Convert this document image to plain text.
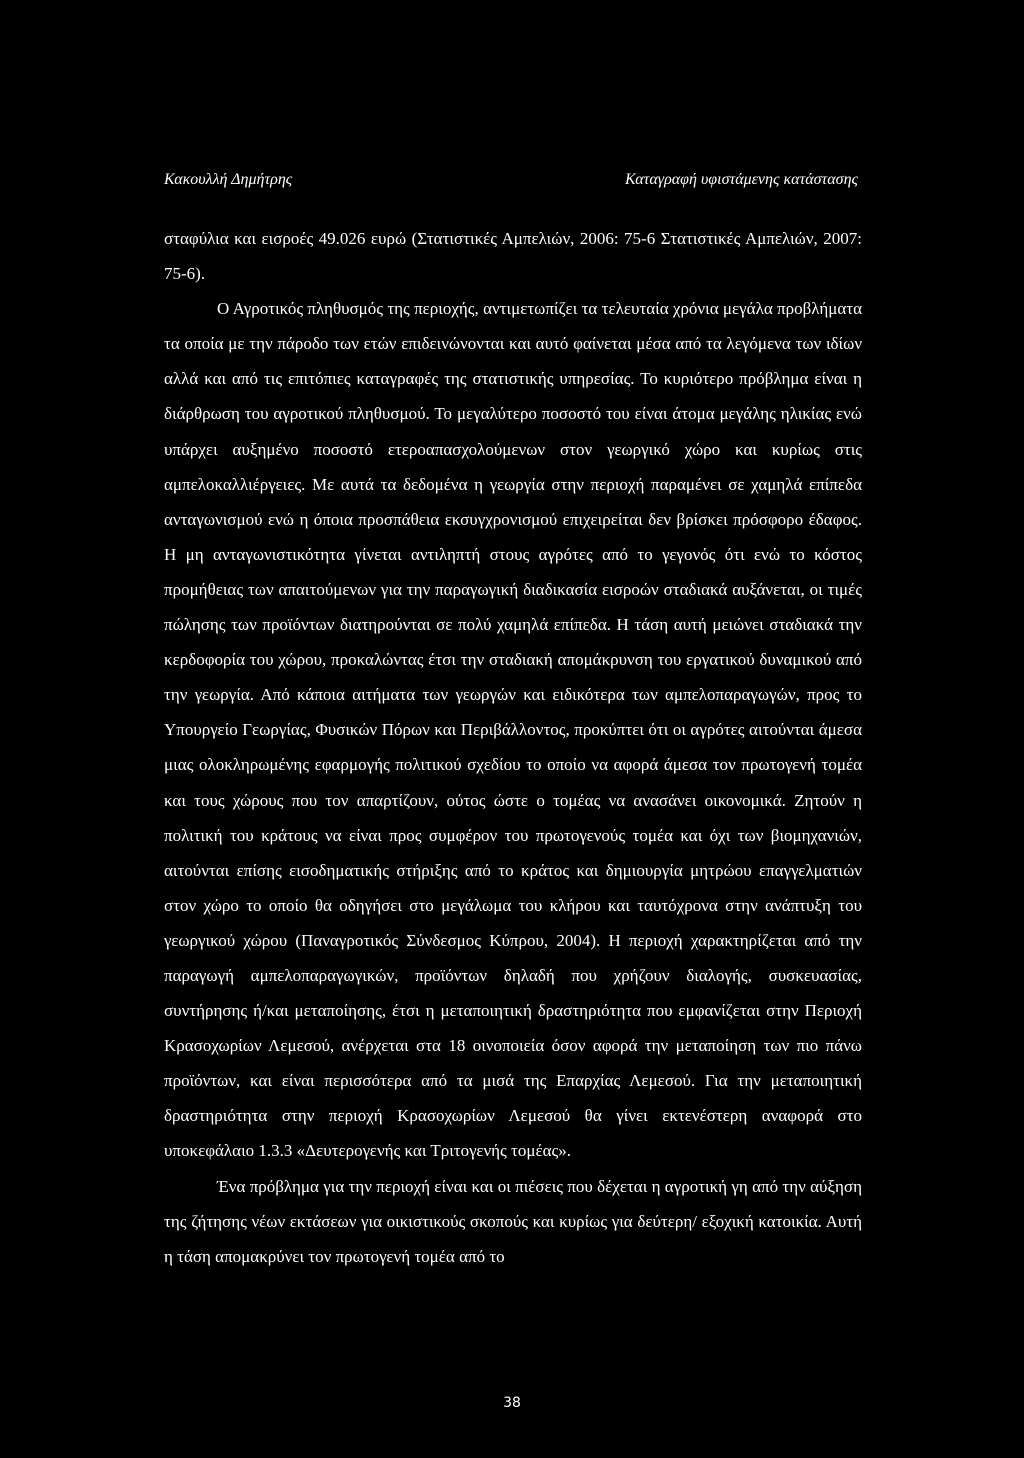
Κακουλλή Δημήτρης	Καταγραφή υφιστάμενης κατάστασης

σταφύλια και εισροές 49.026 ευρώ (Στατιστικές Αμπελιών, 2006: 75-6 Στατιστικές Αμπελιών, 2007: 75-6).

Ο Αγροτικός πληθυσμός της περιοχής, αντιμετωπίζει τα τελευταία χρόνια μεγάλα προβλήματα τα οποία με την πάροδο των ετών επιδεινώνονται και αυτό φαίνεται μέσα από τα λεγόμενα των ιδίων αλλά και από τις επιτόπιες καταγραφές της στατιστικής υπηρεσίας. Το κυριότερο πρόβλημα είναι η διάρθρωση του αγροτικού πληθυσμού. Το μεγαλύτερο ποσοστό του είναι άτομα μεγάλης ηλικίας ενώ υπάρχει αυξημένο ποσοστό ετεροαπασχολούμενων στον γεωργικό χώρο και κυρίως στις αμπελοκαλλιέργειες. Με αυτά τα δεδομένα η γεωργία στην περιοχή παραμένει σε χαμηλά επίπεδα ανταγωνισμού ενώ η όποια προσπάθεια εκσυγχρονισμού επιχειρείται δεν βρίσκει πρόσφορο έδαφος. Η μη ανταγωνιστικότητα γίνεται αντιληπτή στους αγρότες από το γεγονός ότι ενώ το κόστος προμήθειας των απαιτούμενων για την παραγωγική διαδικασία εισροών σταδιακά αυξάνεται, οι τιμές πώλησης των προϊόντων διατηρούνται σε πολύ χαμηλά επίπεδα. Η τάση αυτή μειώνει σταδιακά την κερδοφορία του χώρου, προκαλώντας έτσι την σταδιακή απομάκρυνση του εργατικού δυναμικού από την γεωργία. Από κάποια αιτήματα των γεωργών και ειδικότερα των αμπελοπαραγωγών, προς το Υπουργείο Γεωργίας, Φυσικών Πόρων και Περιβάλλοντος, προκύπτει ότι οι αγρότες αιτούνται άμεσα μιας ολοκληρωμένης εφαρμογής πολιτικού σχεδίου το οποίο να αφορά άμεσα τον πρωτογενή τομέα και τους χώρους που τον απαρτίζουν, ούτος ώστε ο τομέας να ανασάνει οικονομικά. Ζητούν η πολιτική του κράτους να είναι προς συμφέρον του πρωτογενούς τομέα και όχι των βιομηχανιών, αιτούνται επίσης εισοδηματικής στήριξης από το κράτος και δημιουργία μητρώου επαγγελματιών στον χώρο το οποίο θα οδηγήσει στο μεγάλωμα του κλήρου και ταυτόχρονα στην ανάπτυξη του γεωργικού χώρου (Παναγροτικός Σύνδεσμος Κύπρου, 2004). Η περιοχή χαρακτηρίζεται από την παραγωγή αμπελοπαραγωγικών, προϊόντων δηλαδή που χρήζουν διαλογής, συσκευασίας, συντήρησης ή/και μεταποίησης, έτσι η μεταποιητική δραστηριότητα που εμφανίζεται στην Περιοχή Κρασοχωρίων Λεμεσού, ανέρχεται στα 18 οινοποιεία όσον αφορά την μεταποίηση των πιο πάνω προϊόντων, και είναι περισσότερα από τα μισά της Επαρχίας Λεμεσού. Για την μεταποιητική δραστηριότητα στην περιοχή Κρασοχωρίων Λεμεσού θα γίνει εκτενέστερη αναφορά στο υποκεφάλαιο 1.3.3 «Δευτερογενής και Τριτογενής τομέας».

Ένα πρόβλημα για την περιοχή είναι και οι πιέσεις που δέχεται η αγροτική γη από την αύξηση της ζήτησης νέων εκτάσεων για οικιστικούς σκοπούς και κυρίως για δεύτερη/ εξοχική κατοικία. Αυτή η τάση απομακρύνει τον πρωτογενή τομέα από το

38
